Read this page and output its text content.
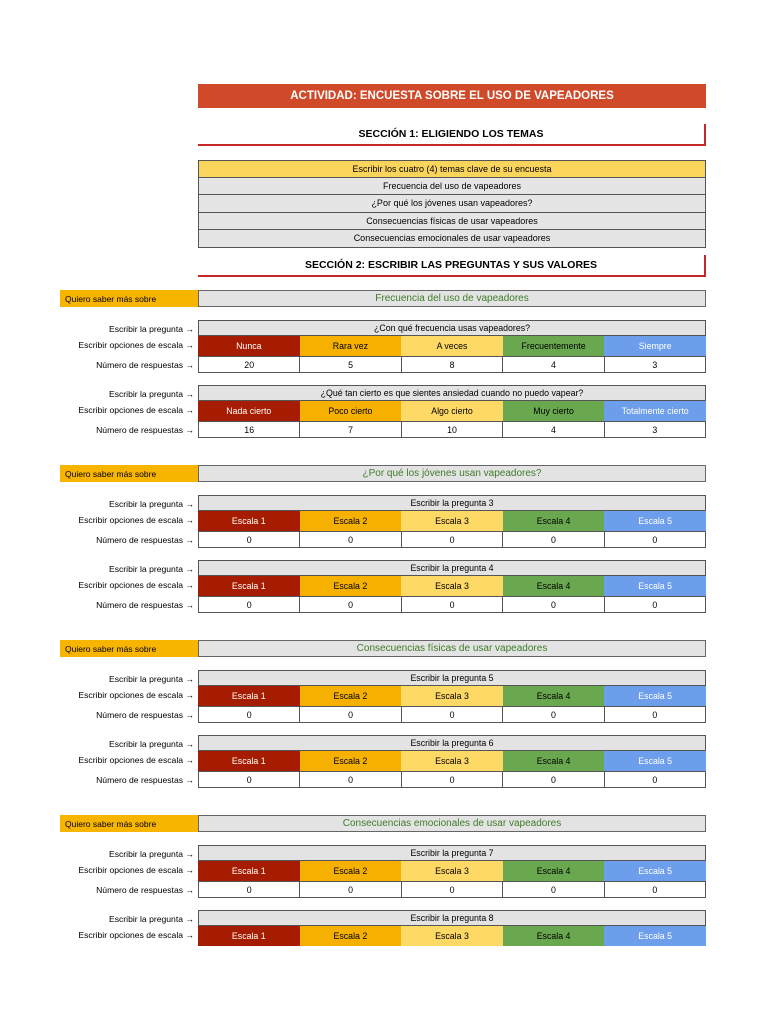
ACTIVIDAD: ENCUESTA SOBRE EL USO DE VAPEADORES
SECCIÓN 1: ELIGIENDO LOS TEMAS
Escribir los cuatro (4) temas clave de su encuesta
Frecuencia del uso de vapeadores
¿Por qué los jóvenes usan vapeadores?
Consecuencias físicas de usar vapeadores
Consecuencias emocionales de usar vapeadores
SECCIÓN 2: ESCRIBIR LAS PREGUNTAS Y SUS VALORES
Quiero saber más sobre	Frecuencia del uso de vapeadores
Escribir la pregunta →	¿Con qué frecuencia usas vapeadores?
Escribir opciones de escala →	Nunca	Rara vez	A veces	Frecuentemente	Siempre
Número de respuestas →	20	5	8	4	3
Escribir la pregunta →	¿Qué tan cierto es que sientes ansiedad cuando no puedo vapear?
Escribir opciones de escala →	Nada cierto	Poco cierto	Algo cierto	Muy cierto	Totalmente cierto
Número de respuestas →	16	7	10	4	3
Quiero saber más sobre	¿Por qué los jóvenes usan vapeadores?
Escribir la pregunta →	Escribir la pregunta 3
Escribir opciones de escala →	Escala 1	Escala 2	Escala 3	Escala 4	Escala 5
Número de respuestas →	0	0	0	0	0
Escribir la pregunta →	Escribir la pregunta 4
Escribir opciones de escala →	Escala 1	Escala 2	Escala 3	Escala 4	Escala 5
Número de respuestas →	0	0	0	0	0
Quiero saber más sobre	Consecuencias físicas de usar vapeadores
Escribir la pregunta →	Escribir la pregunta 5
Escribir opciones de escala →	Escala 1	Escala 2	Escala 3	Escala 4	Escala 5
Número de respuestas →	0	0	0	0	0
Escribir la pregunta →	Escribir la pregunta 6
Escribir opciones de escala →	Escala 1	Escala 2	Escala 3	Escala 4	Escala 5
Número de respuestas →	0	0	0	0	0
Quiero saber más sobre	Consecuencias emocionales de usar vapeadores
Escribir la pregunta →	Escribir la pregunta 7
Escribir opciones de escala →	Escala 1	Escala 2	Escala 3	Escala 4	Escala 5
Número de respuestas →	0	0	0	0	0
Escribir la pregunta →	Escribir la pregunta 8
Escribir opciones de escala →	Escala 1	Escala 2	Escala 3	Escala 4	Escala 5
